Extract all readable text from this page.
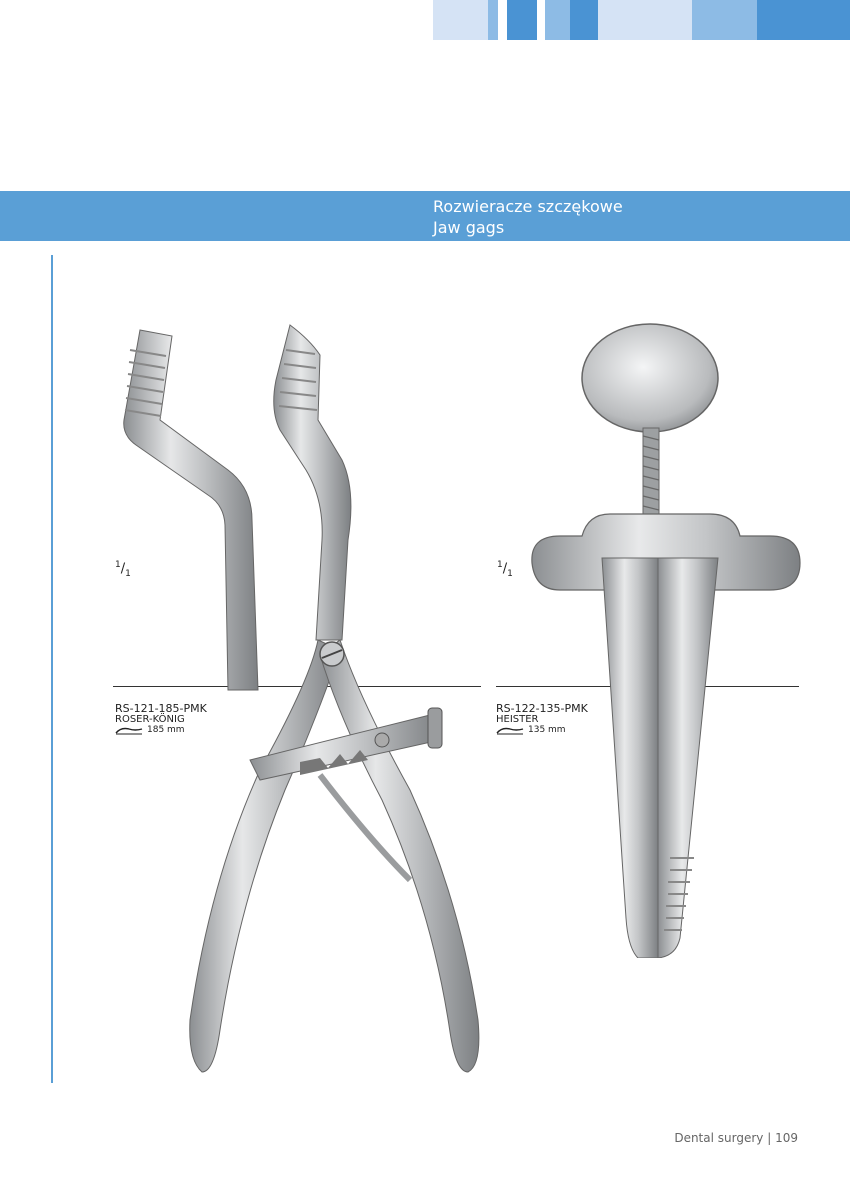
Rozwieracze szczękowe
Jaw gags
$^1/_1$
$^1/_1$
RS-121-185-PMK
ROSER-KÖNIG
185 mm
RS-122-135-PMK
HEISTER
135 mm
Dental surgery | 109
